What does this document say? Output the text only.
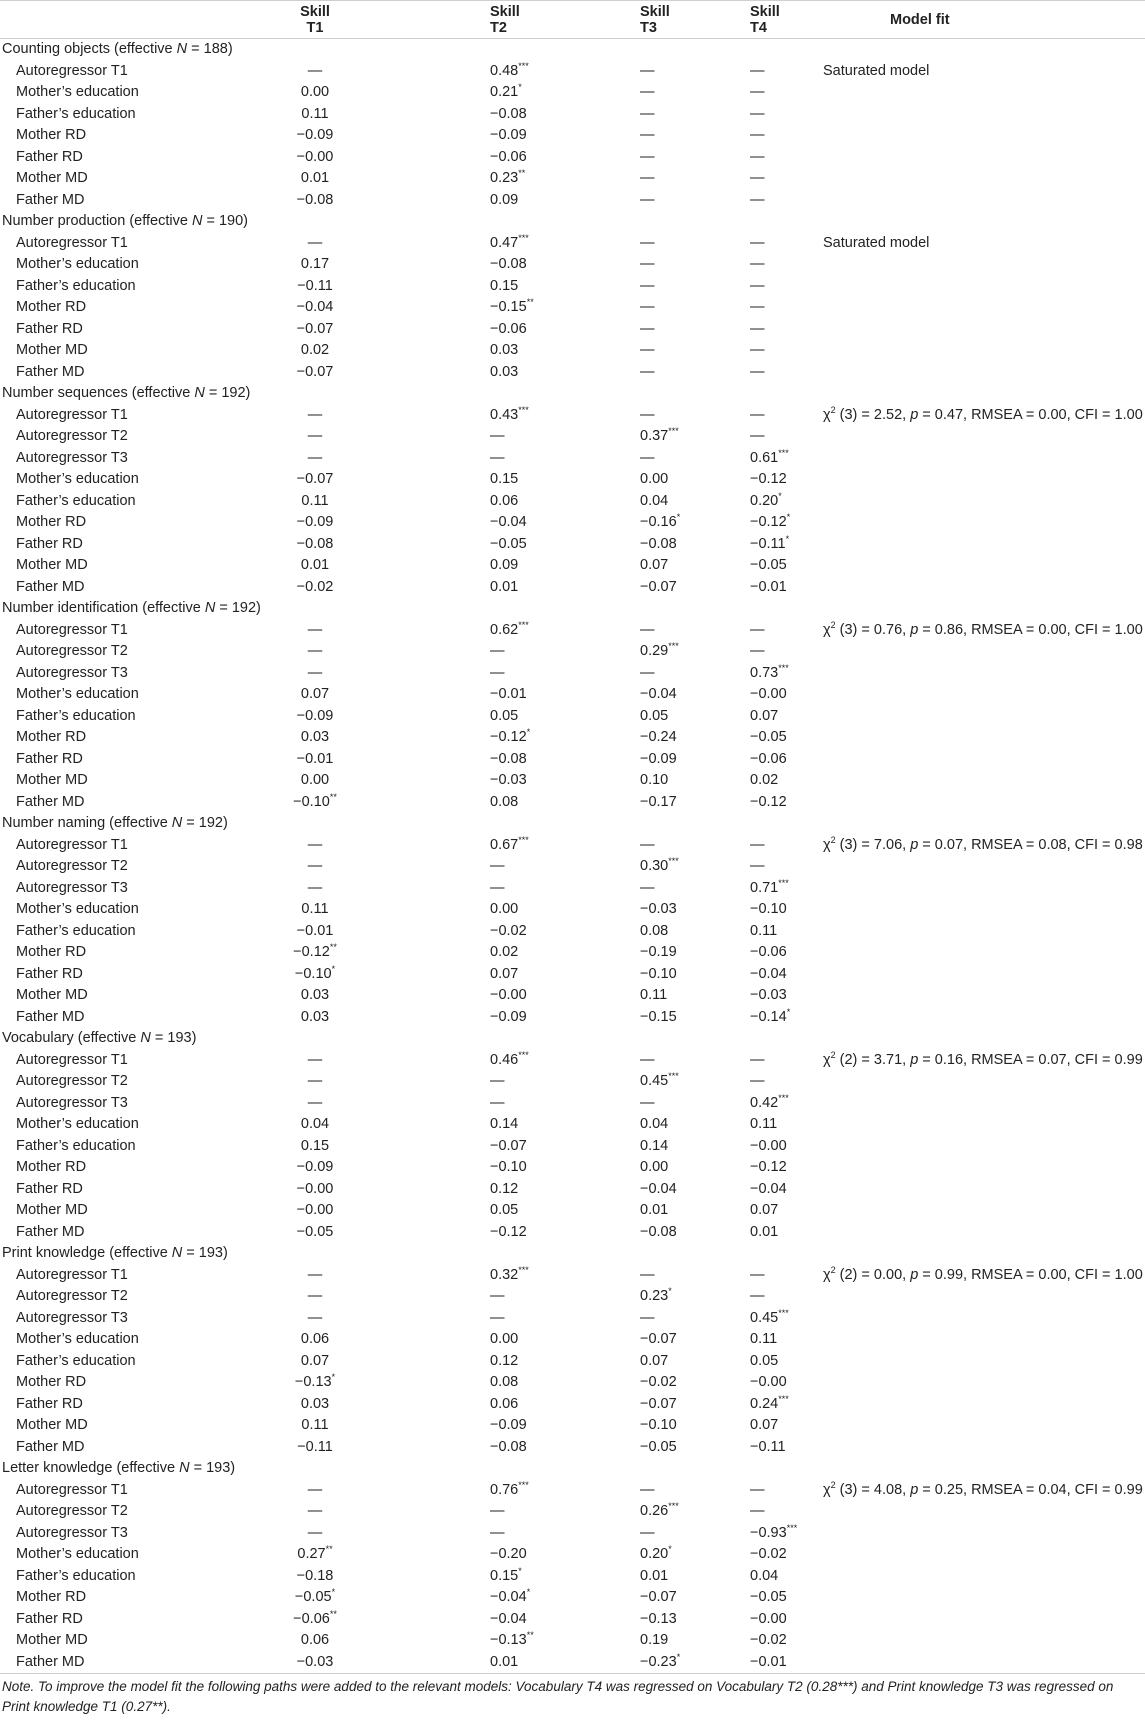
	Skill T1	Skill T2	Skill T3	Skill T4	Model fit
Counting objects (effective N = 188)					
Autoregressor T1	—	0.48***	—	—	Saturated model
Mother’s education	0.00	0.21*	—	—	
Father’s education	0.11	−0.08	—	—	
Mother RD	−0.09	−0.09	—	—	
Father RD	−0.00	−0.06	—	—	
Mother MD	0.01	0.23**	—	—	
Father MD	−0.08	0.09	—	—	
Number production (effective N = 190)					
Autoregressor T1	—	0.47***	—	—	Saturated model
Mother’s education	0.17	−0.08	—	—	
Father’s education	−0.11	0.15	—	—	
Mother RD	−0.04	−0.15**	—	—	
Father RD	−0.07	−0.06	—	—	
Mother MD	0.02	0.03	—	—	
Father MD	−0.07	0.03	—	—	
Number sequences (effective N = 192)					
Autoregressor T1	—	0.43***	—	—	$\chi^2$ (3) = 2.52, p = 0.47, RMSEA = 0.00, CFI = 1.00
Autoregressor T2	—	—	0.37***	—	
Autoregressor T3	—	—	—	0.61***	
Mother’s education	−0.07	0.15	0.00	−0.12	
Father’s education	0.11	0.06	0.04	0.20*	
Mother RD	−0.09	−0.04	−0.16*	−0.12*	
Father RD	−0.08	−0.05	−0.08	−0.11*	
Mother MD	0.01	0.09	0.07	−0.05	
Father MD	−0.02	0.01	−0.07	−0.01	
Number identification (effective N = 192)					
Autoregressor T1	—	0.62***	—	—	$\chi^2$ (3) = 0.76, p = 0.86, RMSEA = 0.00, CFI = 1.00
Autoregressor T2	—	—	0.29***	—	
Autoregressor T3	—	—	—	0.73***	
Mother’s education	0.07	−0.01	−0.04	−0.00	
Father’s education	−0.09	0.05	0.05	0.07	
Mother RD	0.03	−0.12*	−0.24	−0.05	
Father RD	−0.01	−0.08	−0.09	−0.06	
Mother MD	0.00	−0.03	0.10	0.02	
Father MD	−0.10**	0.08	−0.17	−0.12	
Number naming (effective N = 192)					
Autoregressor T1	—	0.67***	—	—	$\chi^2$ (3) = 7.06, p = 0.07, RMSEA = 0.08, CFI = 0.98
Autoregressor T2	—	—	0.30***	—	
Autoregressor T3	—	—	—	0.71***	
Mother’s education	0.11	0.00	−0.03	−0.10	
Father’s education	−0.01	−0.02	0.08	0.11	
Mother RD	−0.12**	0.02	−0.19	−0.06	
Father RD	−0.10*	0.07	−0.10	−0.04	
Mother MD	0.03	−0.00	0.11	−0.03	
Father MD	0.03	−0.09	−0.15	−0.14*	
Vocabulary (effective N = 193)					
Autoregressor T1	—	0.46***	—	—	$\chi^2$ (2) = 3.71, p = 0.16, RMSEA = 0.07, CFI = 0.99
Autoregressor T2	—	—	0.45***	—	
Autoregressor T3	—	—	—	0.42***	
Mother’s education	0.04	0.14	0.04	0.11	
Father’s education	0.15	−0.07	0.14	−0.00	
Mother RD	−0.09	−0.10	0.00	−0.12	
Father RD	−0.00	0.12	−0.04	−0.04	
Mother MD	−0.00	0.05	0.01	0.07	
Father MD	−0.05	−0.12	−0.08	0.01	
Print knowledge (effective N = 193)					
Autoregressor T1	—	0.32***	—	—	$\chi^2$ (2) = 0.00, p = 0.99, RMSEA = 0.00, CFI = 1.00
Autoregressor T2	—	—	0.23*	—	
Autoregressor T3	—	—	—	0.45***	
Mother’s education	0.06	0.00	−0.07	0.11	
Father’s education	0.07	0.12	0.07	0.05	
Mother RD	−0.13*	0.08	−0.02	−0.00	
Father RD	0.03	0.06	−0.07	0.24***	
Mother MD	0.11	−0.09	−0.10	0.07	
Father MD	−0.11	−0.08	−0.05	−0.11	
Letter knowledge (effective N = 193)					
Autoregressor T1	—	0.76***	—	—	$\chi^2$ (3) = 4.08, p = 0.25, RMSEA = 0.04, CFI = 0.99
Autoregressor T2	—	—	0.26***	—	
Autoregressor T3	—	—	—	−0.93***	
Mother’s education	0.27**	−0.20	0.20*	−0.02	
Father’s education	−0.18	0.15*	0.01	0.04	
Mother RD	−0.05*	−0.04*	−0.07	−0.05	
Father RD	−0.06**	−0.04	−0.13	−0.00	
Mother MD	0.06	−0.13**	0.19	−0.02	
Father MD	−0.03	0.01	−0.23*	−0.01	
Note. To improve the model fit the following paths were added to the relevant models: Vocabulary T4 was regressed on Vocabulary T2 (0.28***) and Print knowledge T3 was regressed on Print knowledge T1 (0.27**).
